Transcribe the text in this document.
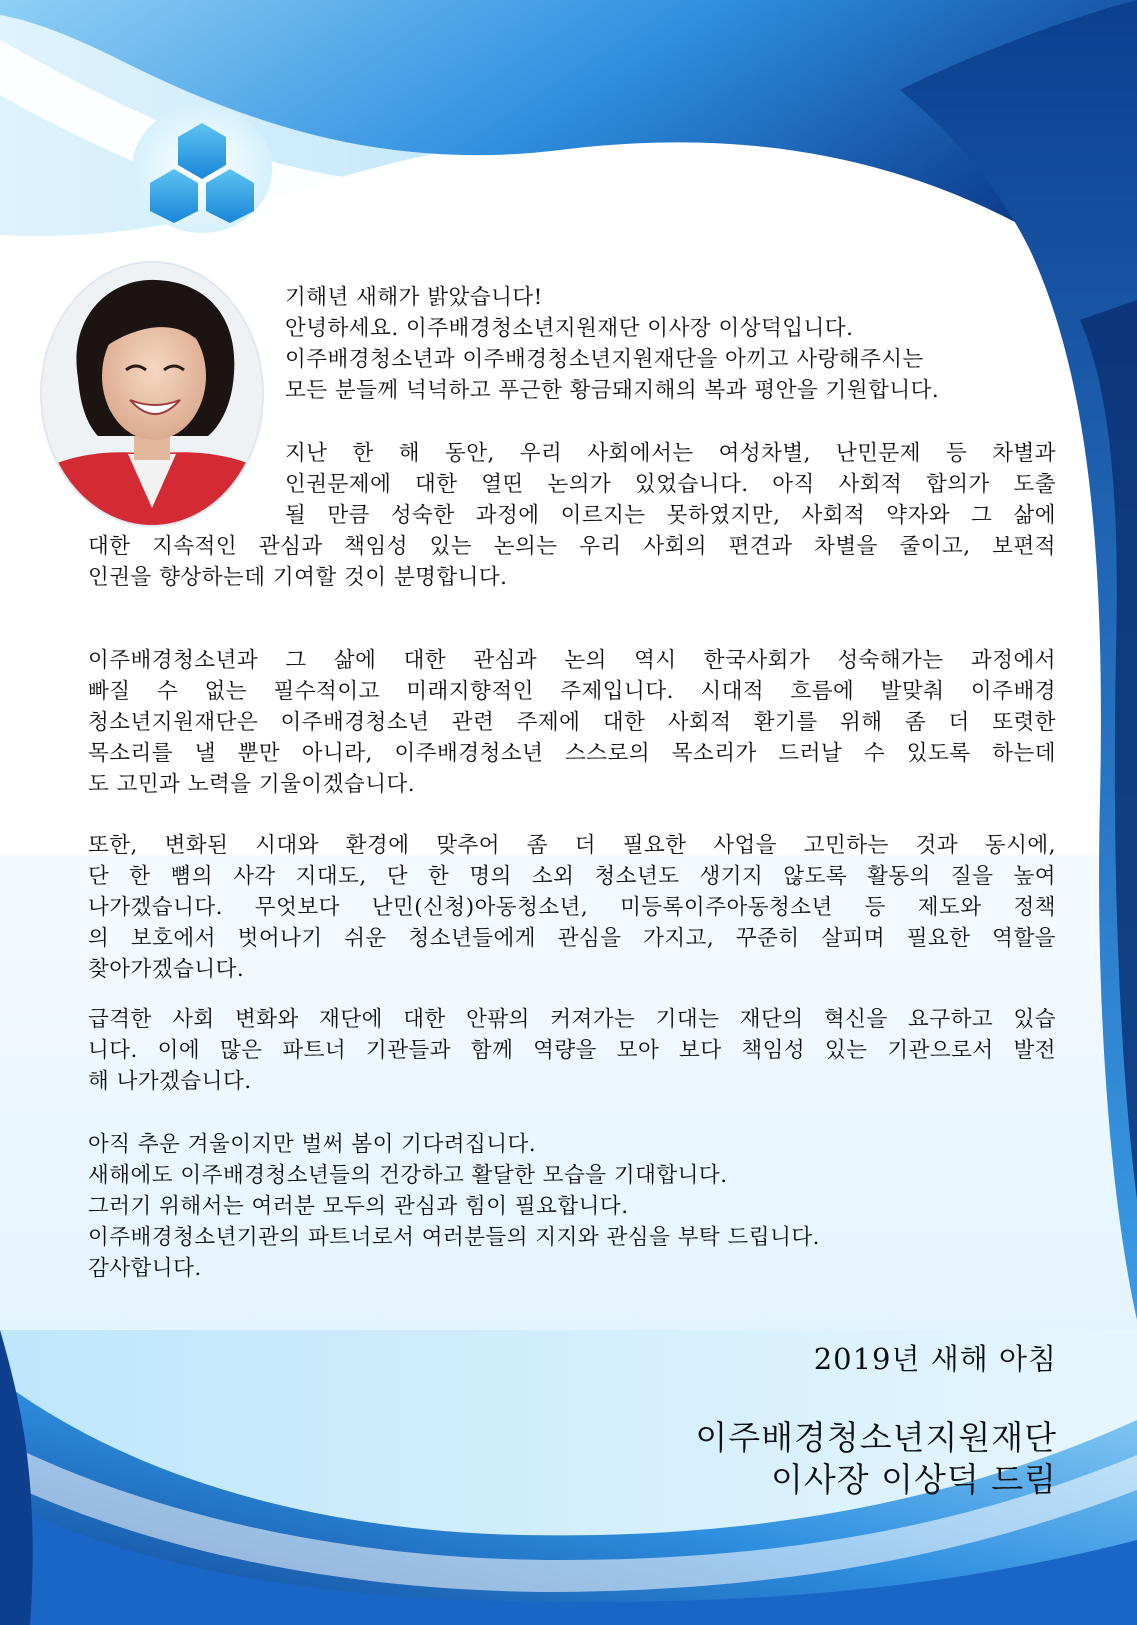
기해년 새해가 밝았습니다!
안녕하세요. 이주배경청소년지원재단 이사장 이상덕입니다.
이주배경청소년과 이주배경청소년지원재단을 아끼고 사랑해주시는
모든 분들께 넉넉하고 푸근한 황금돼지해의 복과 평안을 기원합니다.
지난 한 해 동안, 우리 사회에서는 여성차별, 난민문제 등 차별과
인권문제에 대한 열띤 논의가 있었습니다. 아직 사회적 합의가 도출
될 만큼 성숙한 과정에 이르지는 못하였지만, 사회적 약자와 그 삶에
대한 지속적인 관심과 책임성 있는 논의는 우리 사회의 편견과 차별을 줄이고, 보편적
인권을 향상하는데 기여할 것이 분명합니다.
이주배경청소년과 그 삶에 대한 관심과 논의 역시 한국사회가 성숙해가는 과정에서
빠질 수 없는 필수적이고 미래지향적인 주제입니다. 시대적 흐름에 발맞춰 이주배경
청소년지원재단은 이주배경청소년 관련 주제에 대한 사회적 환기를 위해 좀 더 또렷한
목소리를 낼 뿐만 아니라, 이주배경청소년 스스로의 목소리가 드러날 수 있도록 하는데
도 고민과 노력을 기울이겠습니다.
또한, 변화된 시대와 환경에 맞추어 좀 더 필요한 사업을 고민하는 것과 동시에,
단 한 뼘의 사각 지대도, 단 한 명의 소외 청소년도 생기지 않도록 활동의 질을 높여
나가겠습니다. 무엇보다 난민(신청)아동청소년, 미등록이주아동청소년 등 제도와 정책
의 보호에서 벗어나기 쉬운 청소년들에게 관심을 가지고, 꾸준히 살피며 필요한 역할을
찾아가겠습니다.
급격한 사회 변화와 재단에 대한 안팎의 커져가는 기대는 재단의 혁신을 요구하고 있습
니다. 이에 많은 파트너 기관들과 함께 역량을 모아 보다 책임성 있는 기관으로서 발전
해 나가겠습니다.
아직 추운 겨울이지만 벌써 봄이 기다려집니다.
새해에도 이주배경청소년들의 건강하고 활달한 모습을 기대합니다.
그러기 위해서는 여러분 모두의 관심과 힘이 필요합니다.
이주배경청소년기관의 파트너로서 여러분들의 지지와 관심을 부탁 드립니다.
감사합니다.
2019년 새해 아침
이주배경청소년지원재단
이사장 이상덕 드림
